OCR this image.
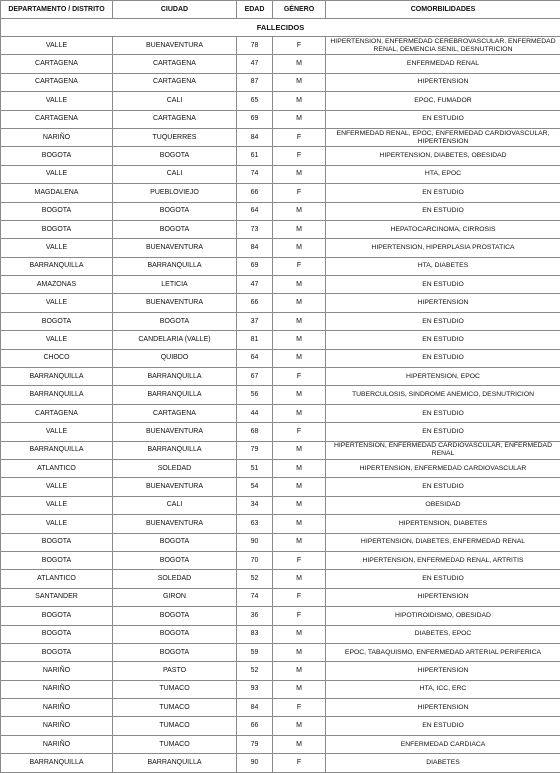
FALLECIDOS				
DEPARTAMENTO / DISTRITO	CIUDAD	EDAD	GÉNERO	COMORBILIDADES
VALLE	BUENAVENTURA	78	F	HIPERTENSION, ENFERMEDAD CEREBROVASCULAR. ENFERMEDAD RENAL, DEMENCIA SENIL, DESNUTRICION
CARTAGENA	CARTAGENA	47	M	ENFERMEDAD RENAL
CARTAGENA	CARTAGENA	87	M	HIPERTENSION
VALLE	CALI	65	M	EPOC, FUMADOR
CARTAGENA	CARTAGENA	69	M	EN ESTUDIO
NARIÑO	TUQUERRES	84	F	ENFERMEDAD RENAL, EPOC, ENFERMEDAD CARDIOVASCULAR, HIPERTENSION
BOGOTA	BOGOTA	61	F	HIPERTENSION, DIABETES, OBESIDAD
VALLE	CALI	74	M	HTA, EPOC
MAGDALENA	PUEBLOVIEJO	66	F	EN ESTUDIO
BOGOTA	BOGOTA	64	M	EN ESTUDIO
BOGOTA	BOGOTA	73	M	HEPATOCARCINOMA, CIRROSIS
VALLE	BUENAVENTURA	84	M	HIPERTENSION, HIPERPLASIA PROSTATICA
BARRANQUILLA	BARRANQUILLA	69	F	HTA, DIABETES
AMAZONAS	LETICIA	47	M	EN ESTUDIO
VALLE	BUENAVENTURA	66	M	HIPERTENSION
BOGOTA	BOGOTA	37	M	EN ESTUDIO
VALLE	CANDELARIA (VALLE)	81	M	EN ESTUDIO
CHOCO	QUIBDO	64	M	EN ESTUDIO
BARRANQUILLA	BARRANQUILLA	67	F	HIPERTENSION, EPOC
BARRANQUILLA	BARRANQUILLA	56	M	TUBERCULOSIS, SINDROME ANEMICO, DESNUTRICION
CARTAGENA	CARTAGENA	44	M	EN ESTUDIO
VALLE	BUENAVENTURA	68	F	EN ESTUDIO
BARRANQUILLA	BARRANQUILLA	79	M	HIPERTENSION, ENFERMEDAD CARDIOVASCULAR, ENFERMEDAD RENAL
ATLANTICO	SOLEDAD	51	M	HIPERTENSION, ENFERMEDAD CARDIOVASCULAR
VALLE	BUENAVENTURA	54	M	EN ESTUDIO
VALLE	CALI	34	M	OBESIDAD
VALLE	BUENAVENTURA	63	M	HIPERTENSION, DIABETES
BOGOTA	BOGOTA	90	M	HIPERTENSION, DIABETES, ENFERMEDAD RENAL
BOGOTA	BOGOTA	70	F	HIPERTENSION, ENFERMEDAD RENAL, ARTRITIS
ATLANTICO	SOLEDAD	52	M	EN ESTUDIO
SANTANDER	GIRON	74	F	HIPERTENSION
BOGOTA	BOGOTA	36	F	HIPOTIROIDISMO, OBESIDAD
BOGOTA	BOGOTA	83	M	DIABETES, EPOC
BOGOTA	BOGOTA	59	M	EPOC, TABAQUISMO, ENFERMEDAD ARTERIAL PERIFERICA
NARIÑO	PASTO	52	M	HIPERTENSION
NARIÑO	TUMACO	93	M	HTA, ICC, ERC
NARIÑO	TUMACO	84	F	HIPERTENSION
NARIÑO	TUMACO	66	M	EN ESTUDIO
NARIÑO	TUMACO	79	M	ENFERMEDAD CARDIACA
BARRANQUILLA	BARRANQUILLA	90	F	DIABETES
